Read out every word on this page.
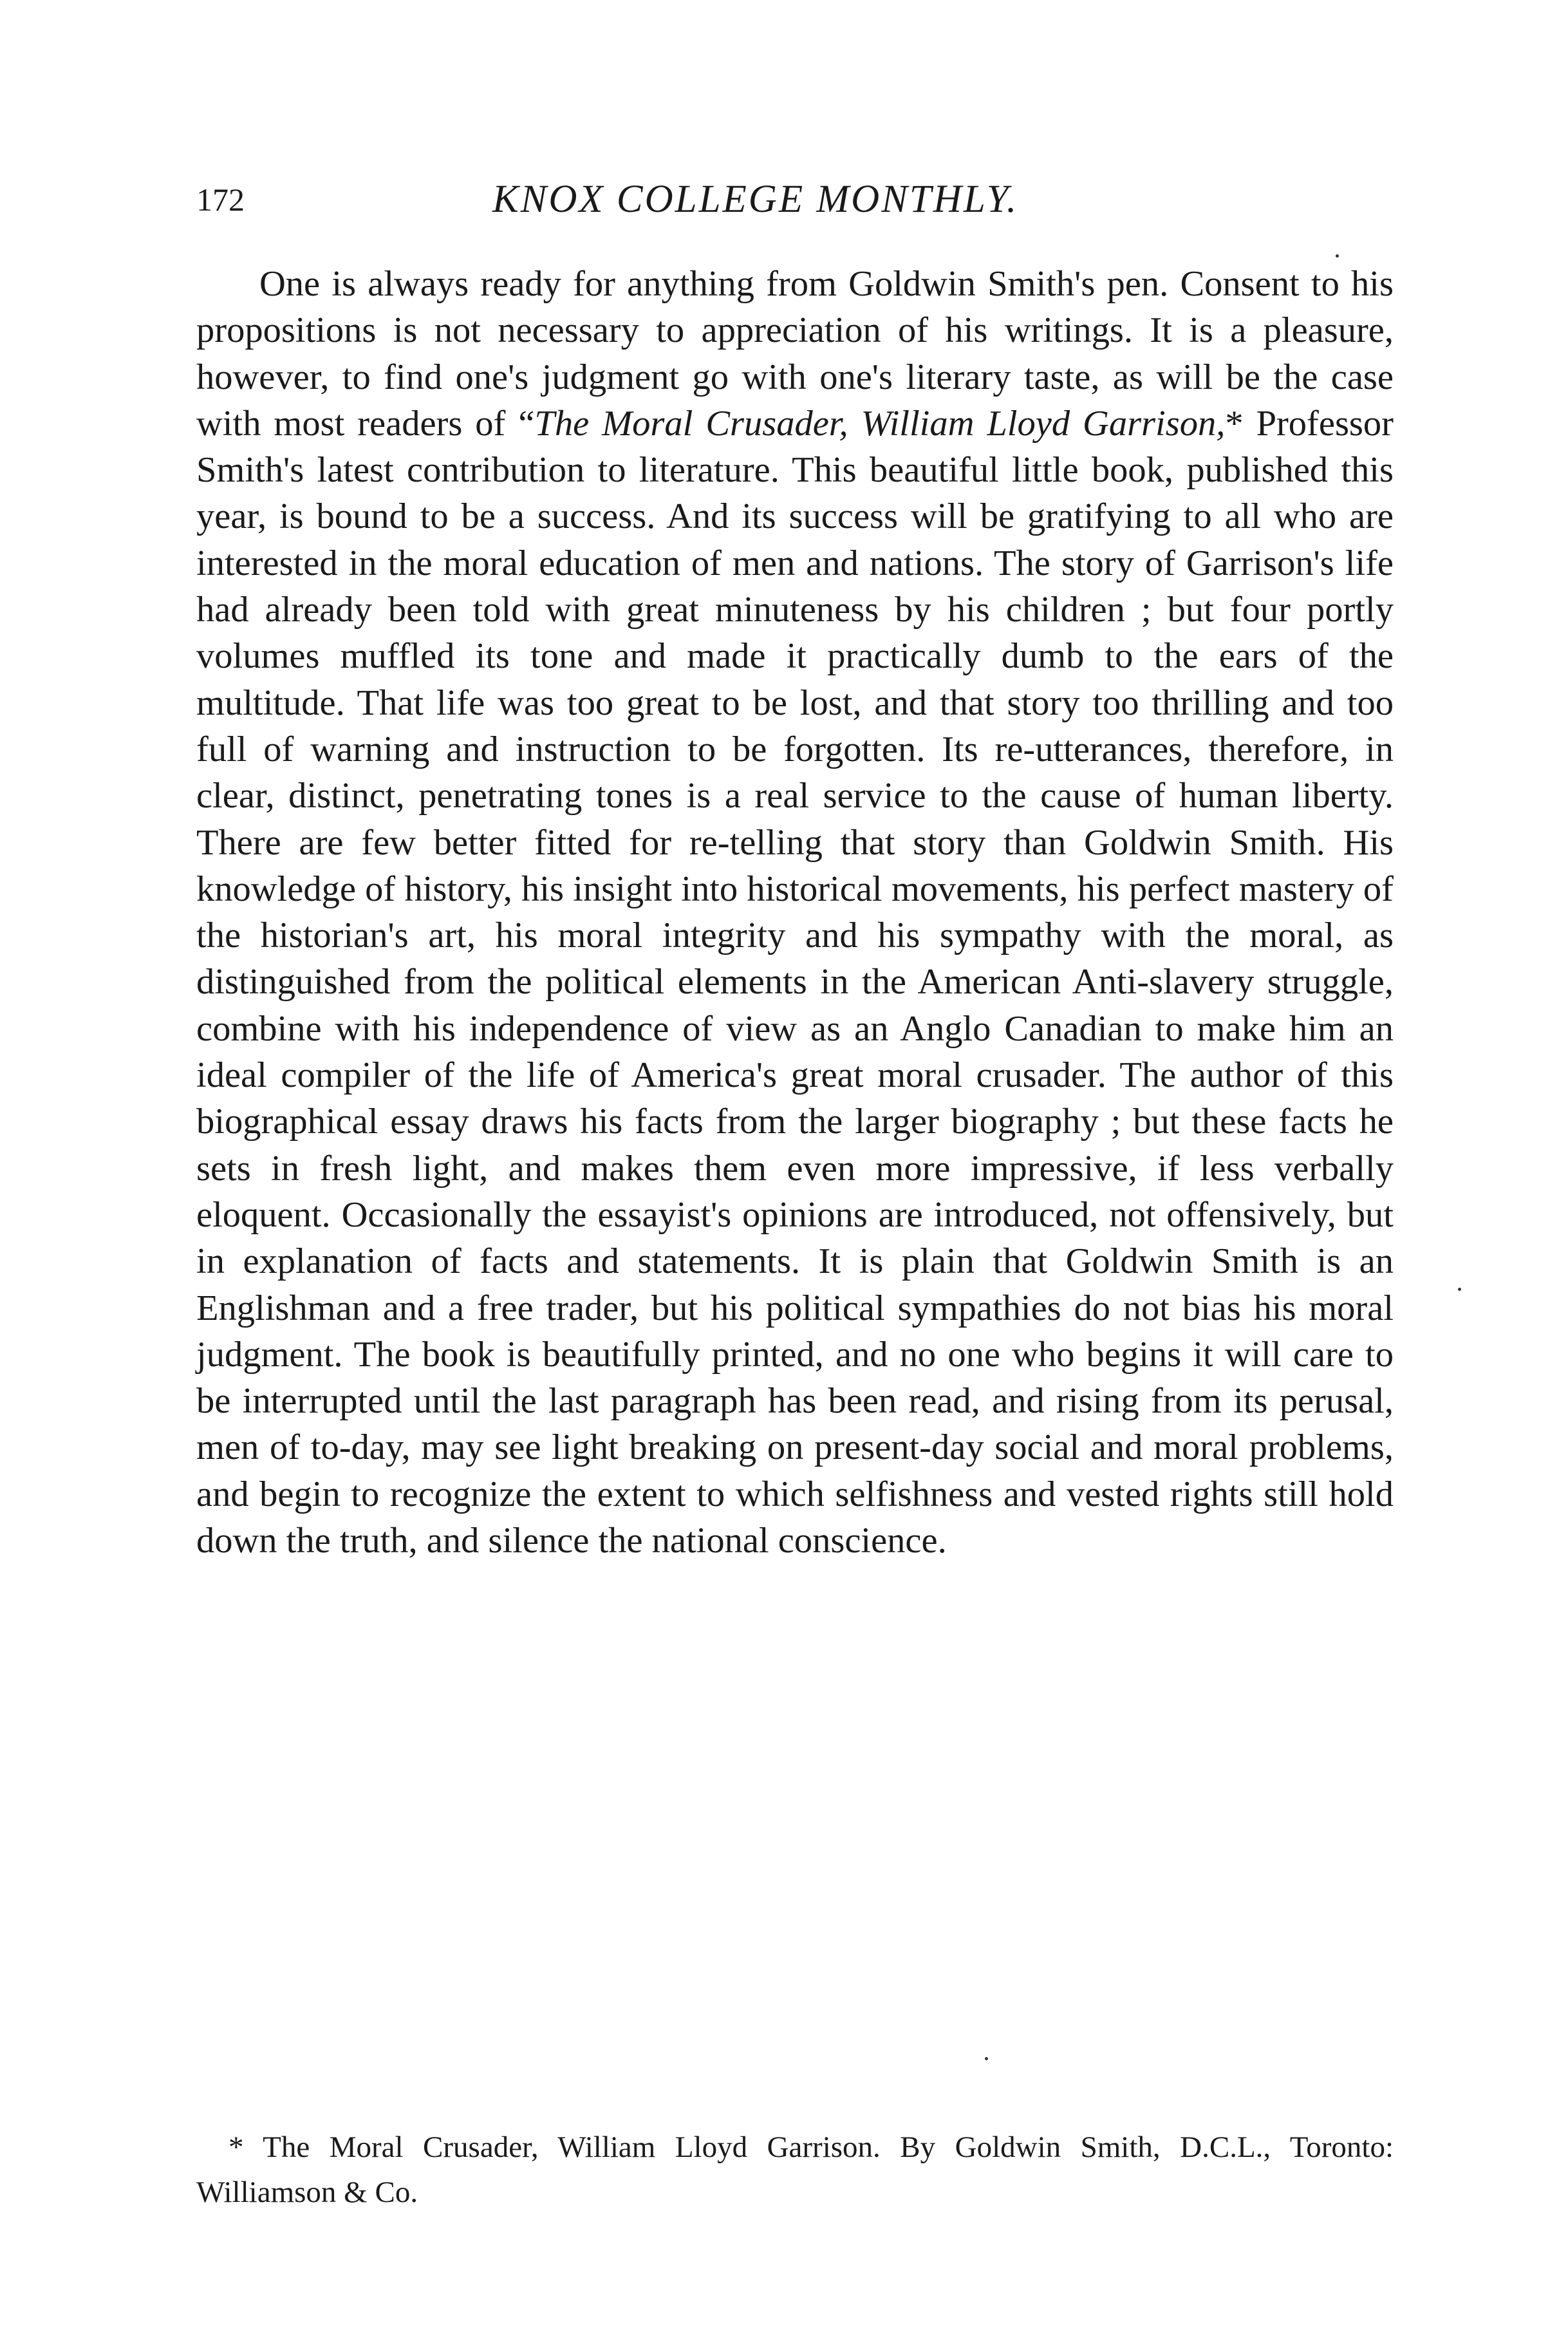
172	KNOX COLLEGE MONTHLY.

One is always ready for anything from Goldwin Smith's pen. Consent to his propositions is not necessary to appreciation of his writings. It is a pleasure, however, to find one's judgment go with one's literary taste, as will be the case with most readers of “The Moral Crusader, William Lloyd Garrison,* Professor Smith's latest contribution to literature. This beautiful little book, published this year, is bound to be a success. And its success will be gratifying to all who are interested in the moral education of men and nations. The story of Garrison's life had already been told with great minuteness by his children ; but four portly volumes muffled its tone and made it practically dumb to the ears of the multitude. That life was too great to be lost, and that story too thrilling and too full of warning and instruction to be forgotten. Its re-utterances, therefore, in clear, distinct, penetrating tones is a real service to the cause of human liberty. There are few better fitted for re-telling that story than Goldwin Smith. His knowledge of history, his insight into historical movements, his perfect mastery of the historian's art, his moral integrity and his sympathy with the moral, as distinguished from the political elements in the American Anti-slavery struggle, combine with his independence of view as an Anglo Canadian to make him an ideal compiler of the life of America's great moral crusader. The author of this biographical essay draws his facts from the larger biography ; but these facts he sets in fresh light, and makes them even more impressive, if less verbally eloquent. Occasionally the essayist's opinions are introduced, not offensively, but in explanation of facts and statements. It is plain that Goldwin Smith is an Englishman and a free trader, but his political sympathies do not bias his moral judgment. The book is beautifully printed, and no one who begins it will care to be interrupted until the last paragraph has been read, and rising from its perusal, men of to-day, may see light breaking on present-day social and moral problems, and begin to recognize the extent to which selfishness and vested rights still hold down the truth, and silence the national conscience.

* The Moral Crusader, William Lloyd Garrison. By Goldwin Smith, D.C.L., Toronto: Williamson & Co.
